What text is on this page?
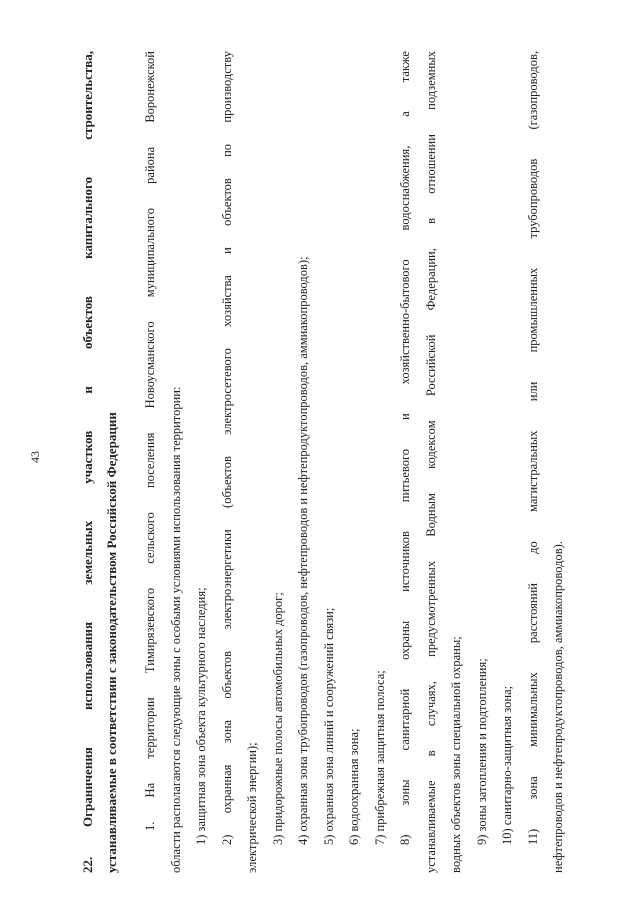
43
22.Ограничения использования земельных участков и объектов капитального строительства, устанавливаемые в соответствии с законодательством Российской Федерации	1. На территории Тимирязевского сельского поселения Новоусманского муниципального района Воронежской области располагаются следующие зоны с особыми условиями использования территории: 1) защитная зона объекта культурного наследия; 2) охранная зона объектов электроэнергетики (объектов электросетевого хозяйства и объектов по производству электрической энергии); 3) придорожные полосы автомобильных дорог; 4) охранная зона трубопроводов (газопроводов, нефтепроводов и нефтепродуктопроводов, аммиакопроводов); 5) охранная зона линий и сооружений связи; 6) водоохранная зона; 7) прибрежная защитная полоса; 8) зоны санитарной охраны источников питьевого и хозяйственно-бытового водоснабжения, а также устанавливаемые в случаях, предусмотренных Водным кодексом Российской Федерации, в отношении подземных водных объектов зоны специальной охраны; 9) зоны затопления и подтопления; 10) санитарно-защитная зона; 11) зона минимальных расстояний до магистральных или промышленных трубопроводов (газопроводов, нефтепроводов и нефтепродуктопроводов, аммиакопроводов).
